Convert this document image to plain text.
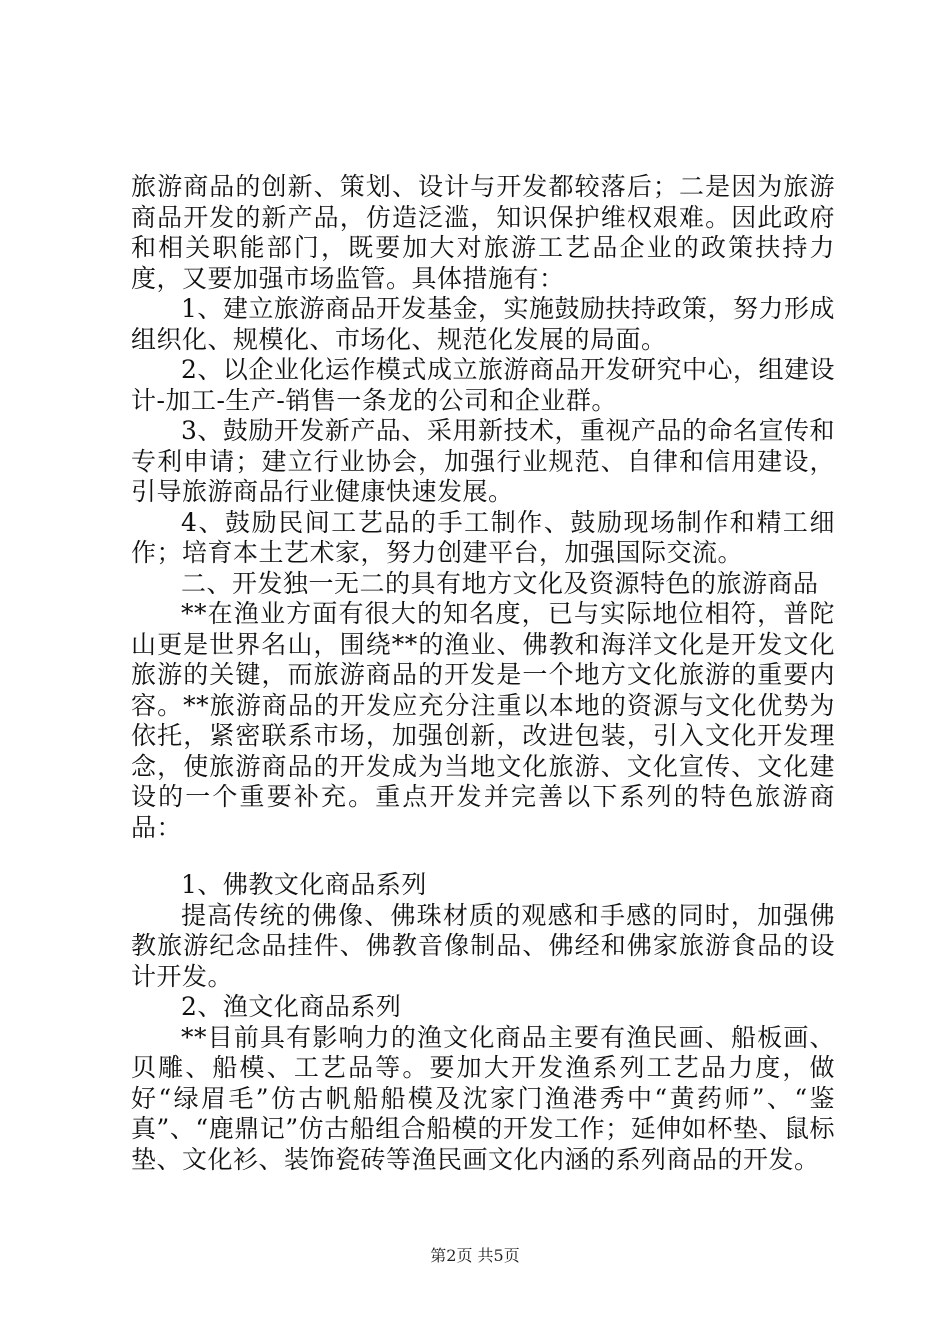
旅游商品的创新、策划、设计与开发都较落后；二是因为旅游商品开发的新产品，仿造泛滥，知识保护维权艰难。因此政府和相关职能部门，既要加大对旅游工艺品企业的政策扶持力度，又要加强市场监管。具体措施有：

1、建立旅游商品开发基金，实施鼓励扶持政策，努力形成组织化、规模化、市场化、规范化发展的局面。

2、以企业化运作模式成立旅游商品开发研究中心，组建设计-加工-生产-销售一条龙的公司和企业群。

3、鼓励开发新产品、采用新技术，重视产品的命名宣传和专利申请；建立行业协会，加强行业规范、自律和信用建设，引导旅游商品行业健康快速发展。

4、鼓励民间工艺品的手工制作、鼓励现场制作和精工细作；培育本土艺术家，努力创建平台，加强国际交流。

二、开发独一无二的具有地方文化及资源特色的旅游商品

**在渔业方面有很大的知名度，已与实际地位相符，普陀山更是世界名山，围绕**的渔业、佛教和海洋文化是开发文化旅游的关键，而旅游商品的开发是一个地方文化旅游的重要内容。**旅游商品的开发应充分注重以本地的资源与文化优势为依托，紧密联系市场，加强创新，改进包装，引入文化开发理念，使旅游商品的开发成为当地文化旅游、文化宣传、文化建设的一个重要补充。重点开发并完善以下系列的特色旅游商品：

1、佛教文化商品系列

提高传统的佛像、佛珠材质的观感和手感的同时，加强佛教旅游纪念品挂件、佛教音像制品、佛经和佛家旅游食品的设计开发。

2、渔文化商品系列

**目前具有影响力的渔文化商品主要有渔民画、船板画、贝雕、船模、工艺品等。要加大开发渔系列工艺品力度，做好“绿眉毛”仿古帆船船模及沈家门渔港秀中“黄药师”、“鉴真”、“鹿鼎记”仿古船组合船模的开发工作；延伸如杯垫、鼠标垫、文化衫、装饰瓷砖等渔民画文化内涵的系列商品的开发。

第2页 共5页
